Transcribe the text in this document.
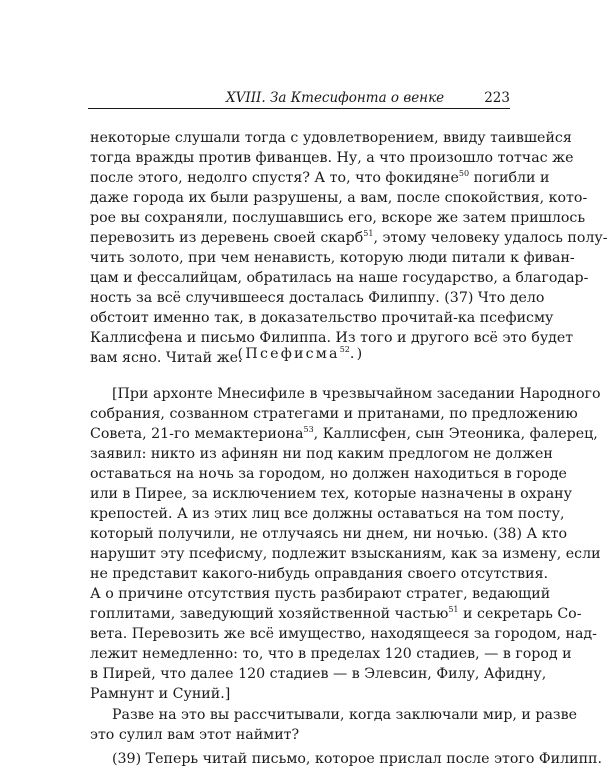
XVIII. За Ктесифонта о венке	223
некоторые слушали тогда с удовлетворением, ввиду таившейся
тогда вражды против фиванцев. Ну, а что произошло тотчас же
после этого, недолго спустя? А то, что фокидяне$^{50}$ погибли и
даже города их были разрушены, а вам, после спокойствия, кото-
рое вы сохраняли, послушавшись его, вскоре же затем пришлось
перевозить из деревень своей скарб$^{51}$, этому человеку удалось полу-
чить золото, при чем ненависть, которую люди питали к фиван-
цам и фессалийцам, обратилась на наше государство, а благодар-
ность за всё случившееся досталась Филиппу. (37) Что дело
обстоит именно так, в доказательство прочитай-ка псефисму
Каллисфена и письмо Филиппа. Из того и другого всё это будет
вам ясно. Читай же.
(Псефисма$^{52}$.)
[При архонте Мнесифиле в чрезвычайном заседании Народного
собрания, созванном стратегами и пританами, по предложению
Совета, 21-го мемактериона$^{53}$, Каллисфен, сын Этеоника, фалерец,
заявил: никто из афинян ни под каким предлогом не должен
оставаться на ночь за городом, но должен находиться в городе
или в Пирее, за исключением тех, которые назначены в охрану
крепостей. А из этих лиц все должны оставаться на том посту,
который получили, не отлучаясь ни днем, ни ночью. (38) А кто
нарушит эту псефисму, подлежит взысканиям, как за измену, если
не представит какого-нибудь оправдания своего отсутствия.
А о причине отсутствия пусть разбирают стратег, ведающий
гоплитами, заведующий хозяйственной частью$^{51}$ и секретарь Со-
вета. Перевозить же всё имущество, находящееся за городом, над-
лежит немедленно: то, что в пределах 120 стадиев, — в город и
в Пирей, что далее 120 стадиев — в Элевсин, Филу, Афидну,
Рамнунт и Суний.]
Разве на это вы рассчитывали, когда заключали мир, и разве
это сулил вам этот наймит?
(39) Теперь читай письмо, которое прислал после этого Филипп.
